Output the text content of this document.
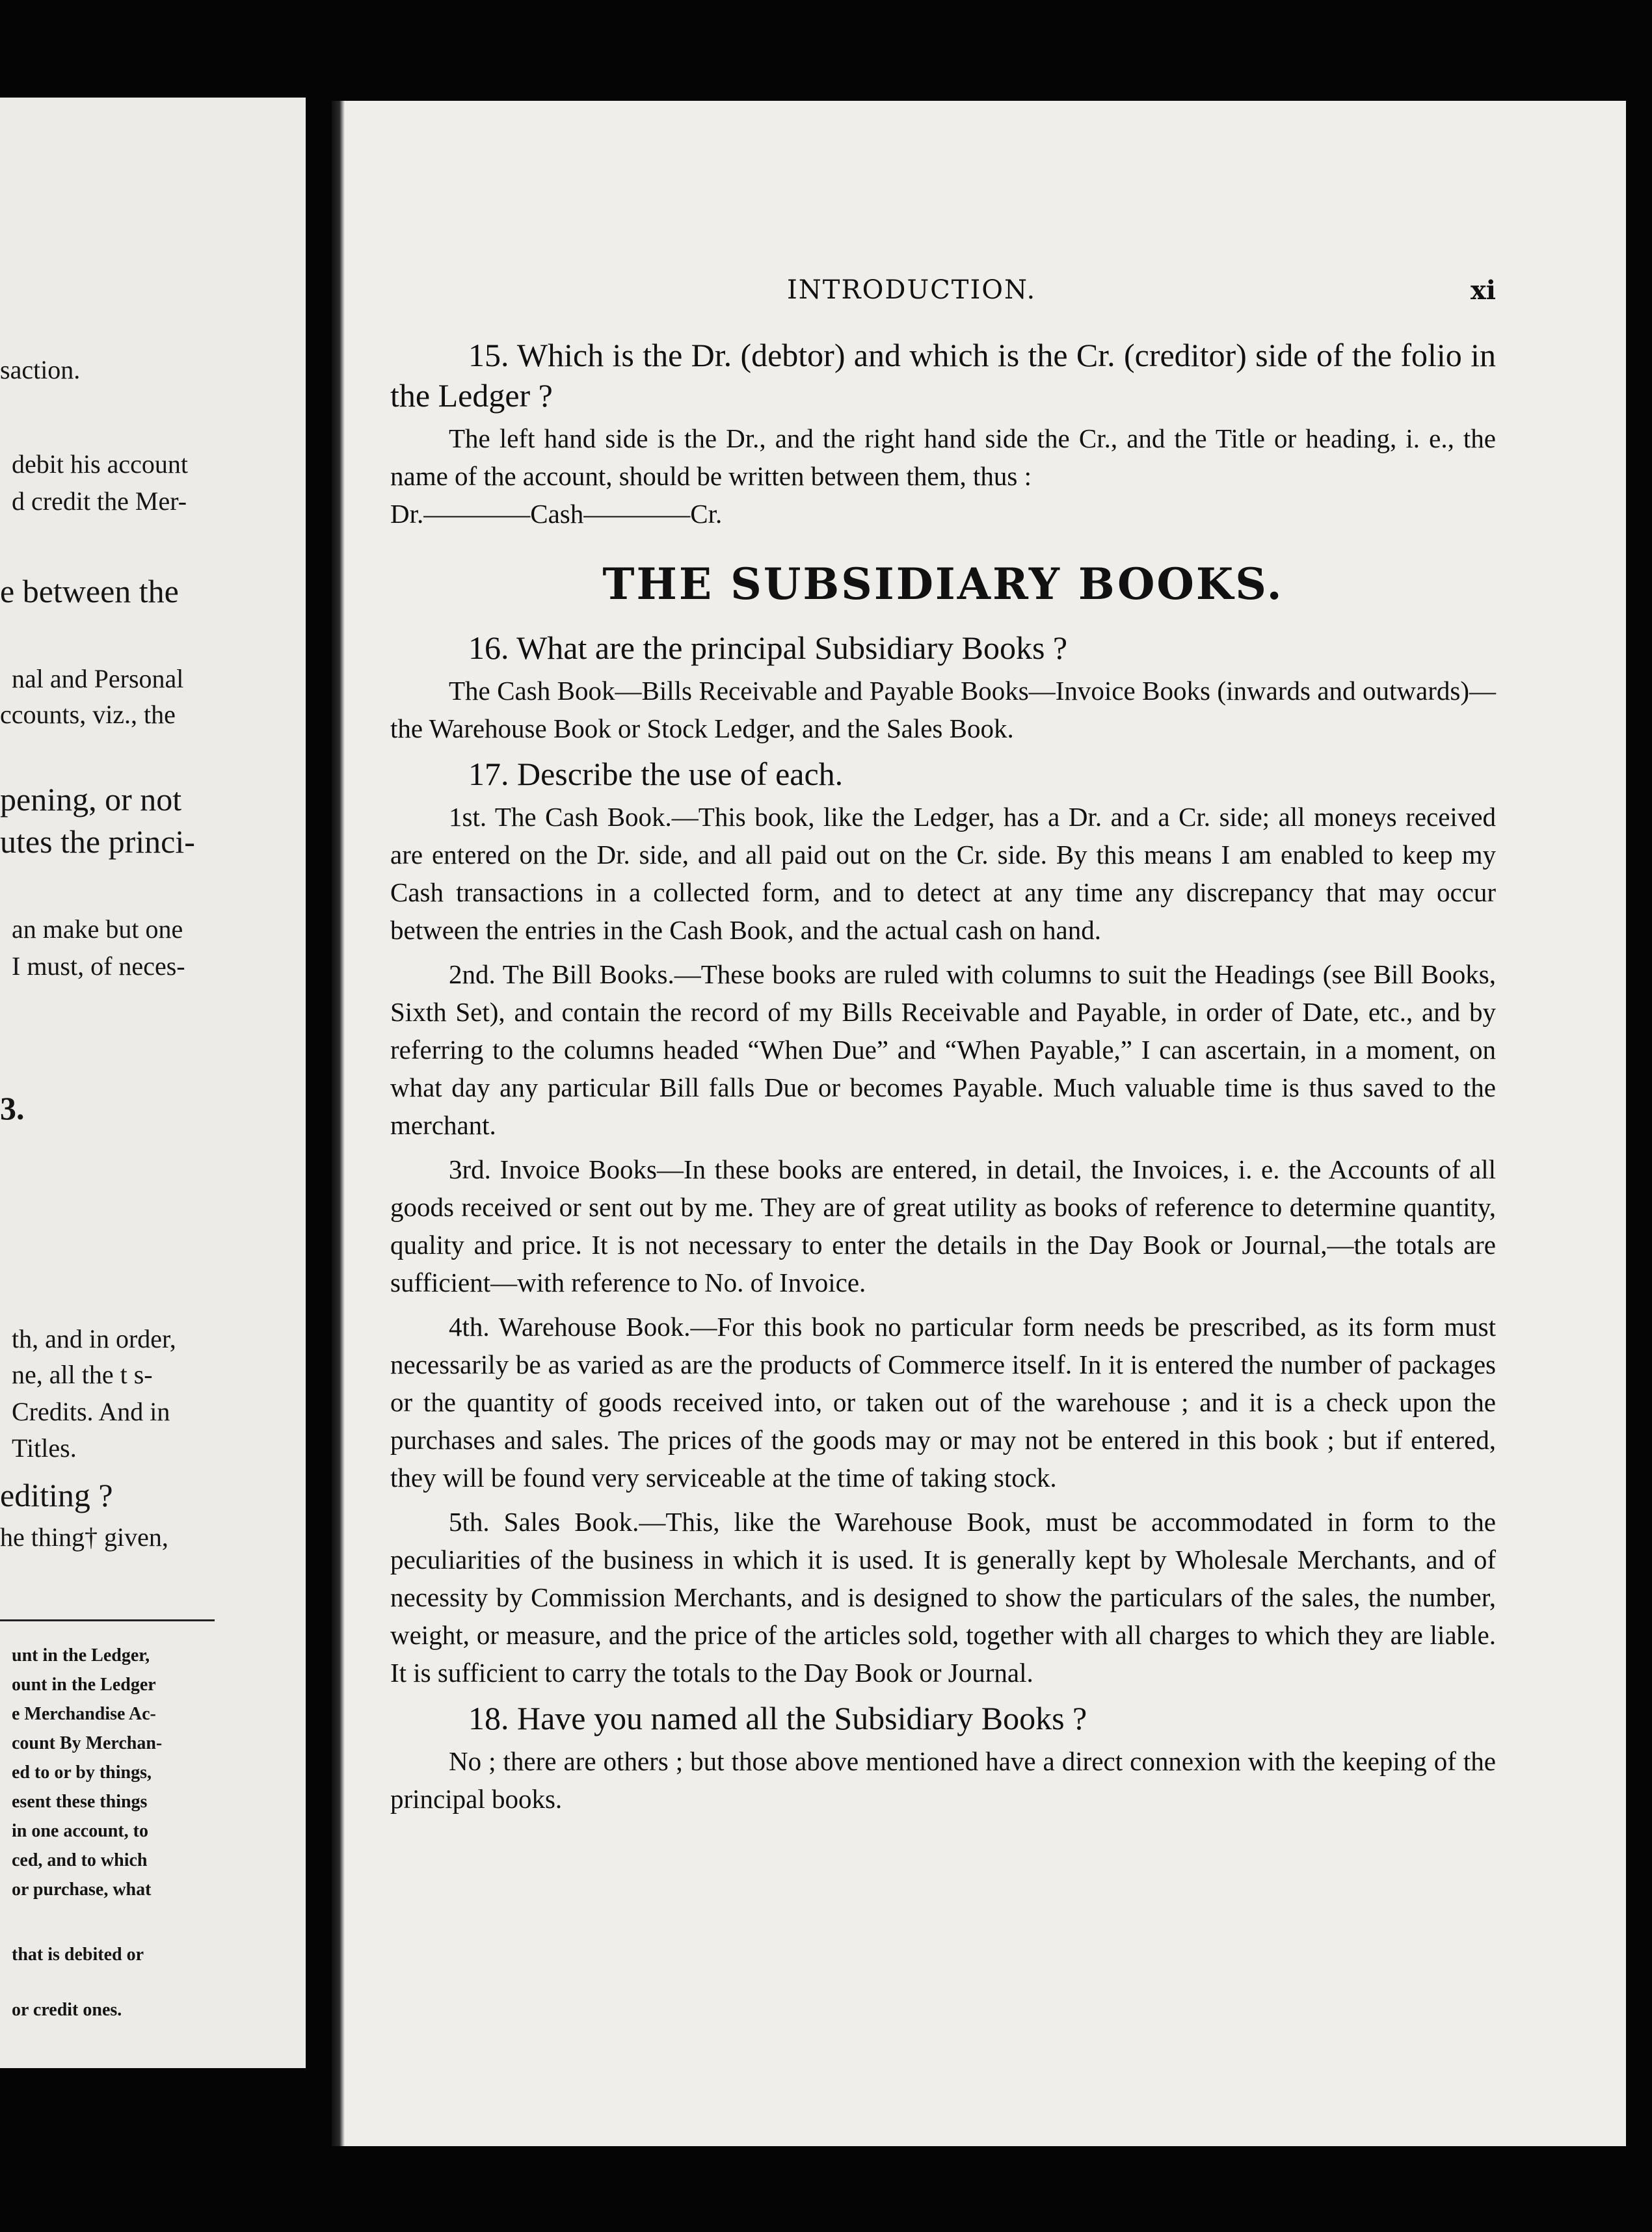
saction.
debit his account
d credit the Mer-
e between the
nal and Personal
ccounts, viz., the
pening, or not
utes the princi-
an make but one
I must, of neces-
3.
th, and in order,
ne, all the t s-
Credits. And in
Titles.
editing ?
he thing† given,
unt in the Ledger,
ount in the Ledger
e Merchandise Ac-
count By Merchan-
ed to or by things,
esent these things
in one account, to
ced, and to which
or purchase, what
that is debited or
or credit ones.
INTRODUCTION.	xi

15. Which is the Dr. (debtor) and which is the Cr. (creditor) side of the folio in the Ledger ?

The left hand side is the Dr., and the right hand side the Cr., and the Title or heading, i. e., the name of the account, should be written between them, thus :

Dr.————Cash————Cr.

THE SUBSIDIARY BOOKS.

16. What are the principal Subsidiary Books ?

The Cash Book—Bills Receivable and Payable Books—Invoice Books (inwards and outwards)—the Warehouse Book or Stock Ledger, and the Sales Book.

17. Describe the use of each.

1st. The Cash Book.—This book, like the Ledger, has a Dr. and a Cr. side; all moneys received are entered on the Dr. side, and all paid out on the Cr. side. By this means I am enabled to keep my Cash transactions in a collected form, and to detect at any time any discrepancy that may occur between the entries in the Cash Book, and the actual cash on hand.

2nd. The Bill Books.—These books are ruled with columns to suit the Headings (see Bill Books, Sixth Set), and contain the record of my Bills Receivable and Payable, in order of Date, etc., and by referring to the columns headed “When Due” and “When Payable,” I can ascertain, in a moment, on what day any particular Bill falls Due or becomes Payable. Much valuable time is thus saved to the merchant.

3rd. Invoice Books—In these books are entered, in detail, the Invoices, i. e. the Accounts of all goods received or sent out by me. They are of great utility as books of reference to determine quantity, quality and price. It is not necessary to enter the details in the Day Book or Journal,—the totals are sufficient—with reference to No. of Invoice.

4th. Warehouse Book.—For this book no particular form needs be prescribed, as its form must necessarily be as varied as are the products of Commerce itself. In it is entered the number of packages or the quantity of goods received into, or taken out of the warehouse ; and it is a check upon the purchases and sales. The prices of the goods may or may not be entered in this book ; but if entered, they will be found very serviceable at the time of taking stock.

5th. Sales Book.—This, like the Warehouse Book, must be accommodated in form to the peculiarities of the business in which it is used. It is generally kept by Wholesale Merchants, and of necessity by Commission Merchants, and is designed to show the particulars of the sales, the number, weight, or measure, and the price of the articles sold, together with all charges to which they are liable. It is sufficient to carry the totals to the Day Book or Journal.

18. Have you named all the Subsidiary Books ?

No ; there are others ; but those above mentioned have a direct connexion with the keeping of the principal books.
